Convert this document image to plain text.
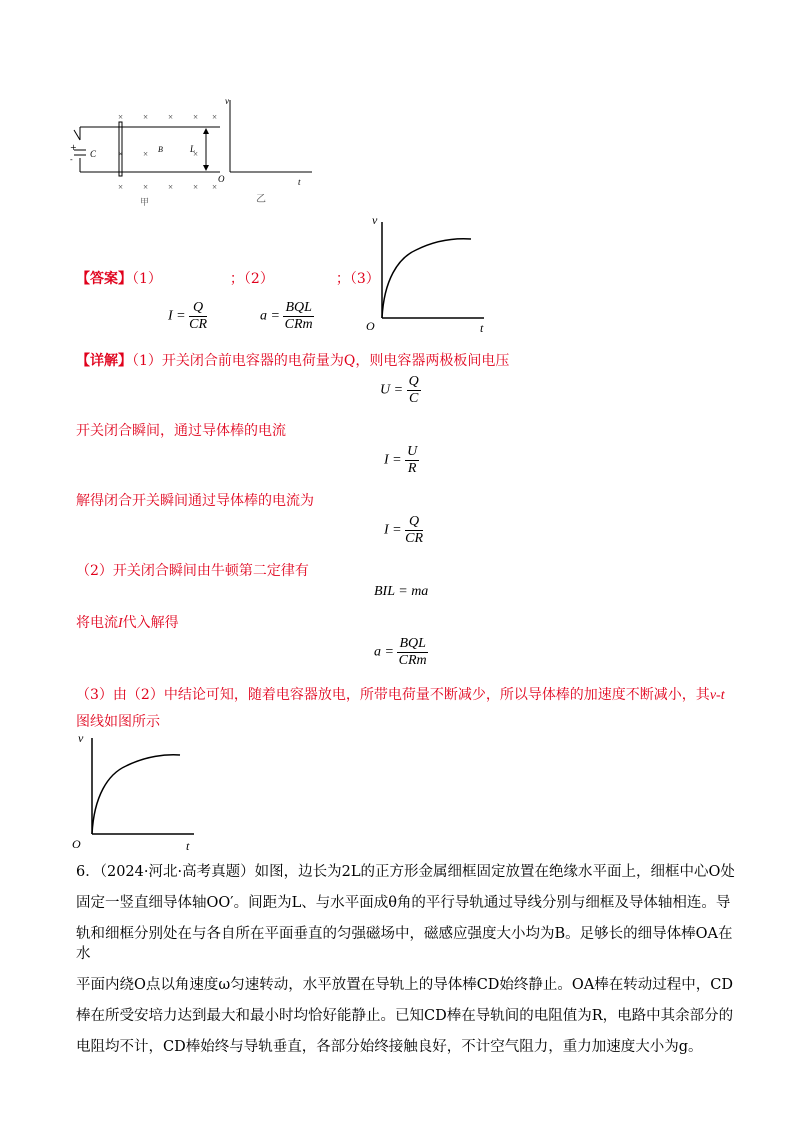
× × × × ×
× ×	×
× × × × ×
+
-
C	B	L
甲
v
t
O
乙
【答案】（1）	；（2）	；（3）
$I = \frac{Q}{CR}$	$a = \frac{\text{BQL}}{\text{CRm}}$
v
t
O
【详解】（1）开关闭合前电容器的电荷量为Q，则电容器两极板间电压
$U = \frac{Q}{C}$
开关闭合瞬间，通过导体棒的电流
$I = \frac{U}{R}$
解得闭合开关瞬间通过导体棒的电流为
$I = \frac{Q}{CR}$
（2）开关闭合瞬间由牛顿第二定律有
BIL = ma
将电流I代入解得
$a = \frac{\text{BQL}}{\text{CRm}}$
（3）由（2）中结论可知，随着电容器放电，所带电荷量不断减少，所以导体棒的加速度不断减小，其v-t
图线如图所示
v
t
O
6．（2024·河北·高考真题）如图，边长为2L的正方形金属细框固定放置在绝缘水平面上，细框中心O处
固定一竖直细导体轴OO′。间距为L、与水平面成θ角的平行导轨通过导线分别与细框及导体轴相连。导
轨和细框分别处在与各自所在平面垂直的匀强磁场中，磁感应强度大小均为B。足够长的细导体棒OA在水
平面内绕O点以角速度ω匀速转动，水平放置在导轨上的导体棒CD始终静止。OA棒在转动过程中，CD
棒在所受安培力达到最大和最小时均恰好能静止。已知CD棒在导轨间的电阻值为R，电路中其余部分的
电阻均不计，CD棒始终与导轨垂直，各部分始终接触良好，不计空气阻力，重力加速度大小为g。
